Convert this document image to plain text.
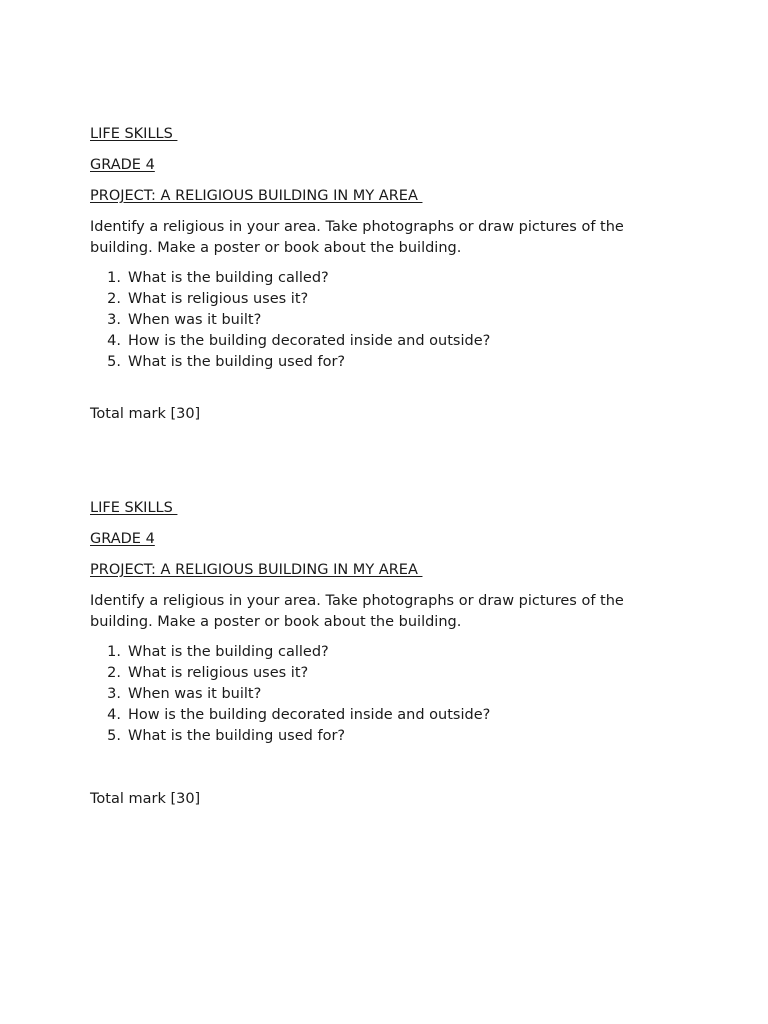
LIFE SKILLS

GRADE 4

PROJECT: A RELIGIOUS BUILDING IN MY AREA

Identify a religious in your area. Take photographs or draw pictures of the building. Make a poster or book about the building.

1. What is the building called?
2. What is religious uses it?
3. When was it built?
4. How is the building decorated inside and outside?
5. What is the building used for?

Total mark [30]

LIFE SKILLS

GRADE 4

PROJECT: A RELIGIOUS BUILDING IN MY AREA

Identify a religious in your area. Take photographs or draw pictures of the building. Make a poster or book about the building.

1. What is the building called?
2. What is religious uses it?
3. When was it built?
4. How is the building decorated inside and outside?
5. What is the building used for?

Total mark [30]
